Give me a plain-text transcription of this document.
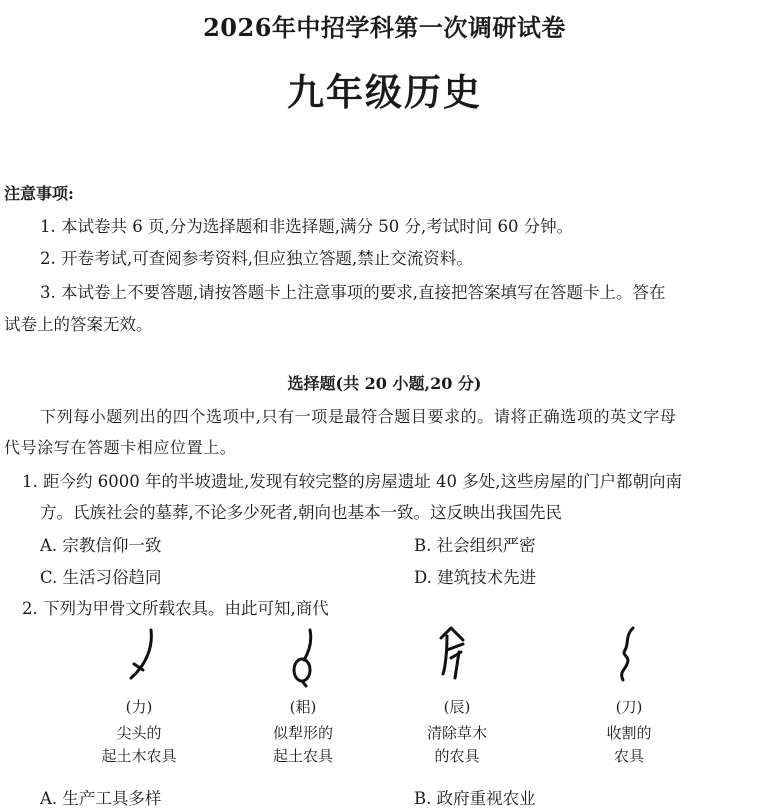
2026年中招学科第一次调研试卷
九年级历史
注意事项:
1. 本试卷共 6 页,分为选择题和非选择题,满分 50 分,考试时间 60 分钟。
2. 开卷考试,可查阅参考资料,但应独立答题,禁止交流资料。
3. 本试卷上不要答题,请按答题卡上注意事项的要求,直接把答案填写在答题卡上。答在
试卷上的答案无效。
选择题(共 20 小题,20 分)
下列每小题列出的四个选项中,只有一项是最符合题目要求的。请将正确选项的英文字母
代号涂写在答题卡相应位置上。
1. 距今约 6000 年的半坡遗址,发现有较完整的房屋遗址 40 多处,这些房屋的门户都朝向南
方。氏族社会的墓葬,不论多少死者,朝向也基本一致。这反映出我国先民
A. 宗教信仰一致	B. 社会组织严密
C. 生活习俗趋同	D. 建筑技术先进
2. 下列为甲骨文所载农具。由此可知,商代
(力)
尖头的
起土木农具
(耜)
似犁形的
起土农具
(辰)
清除草木
的农具
(刀)
收割的
农具
A. 生产工具多样	B. 政府重视农业
